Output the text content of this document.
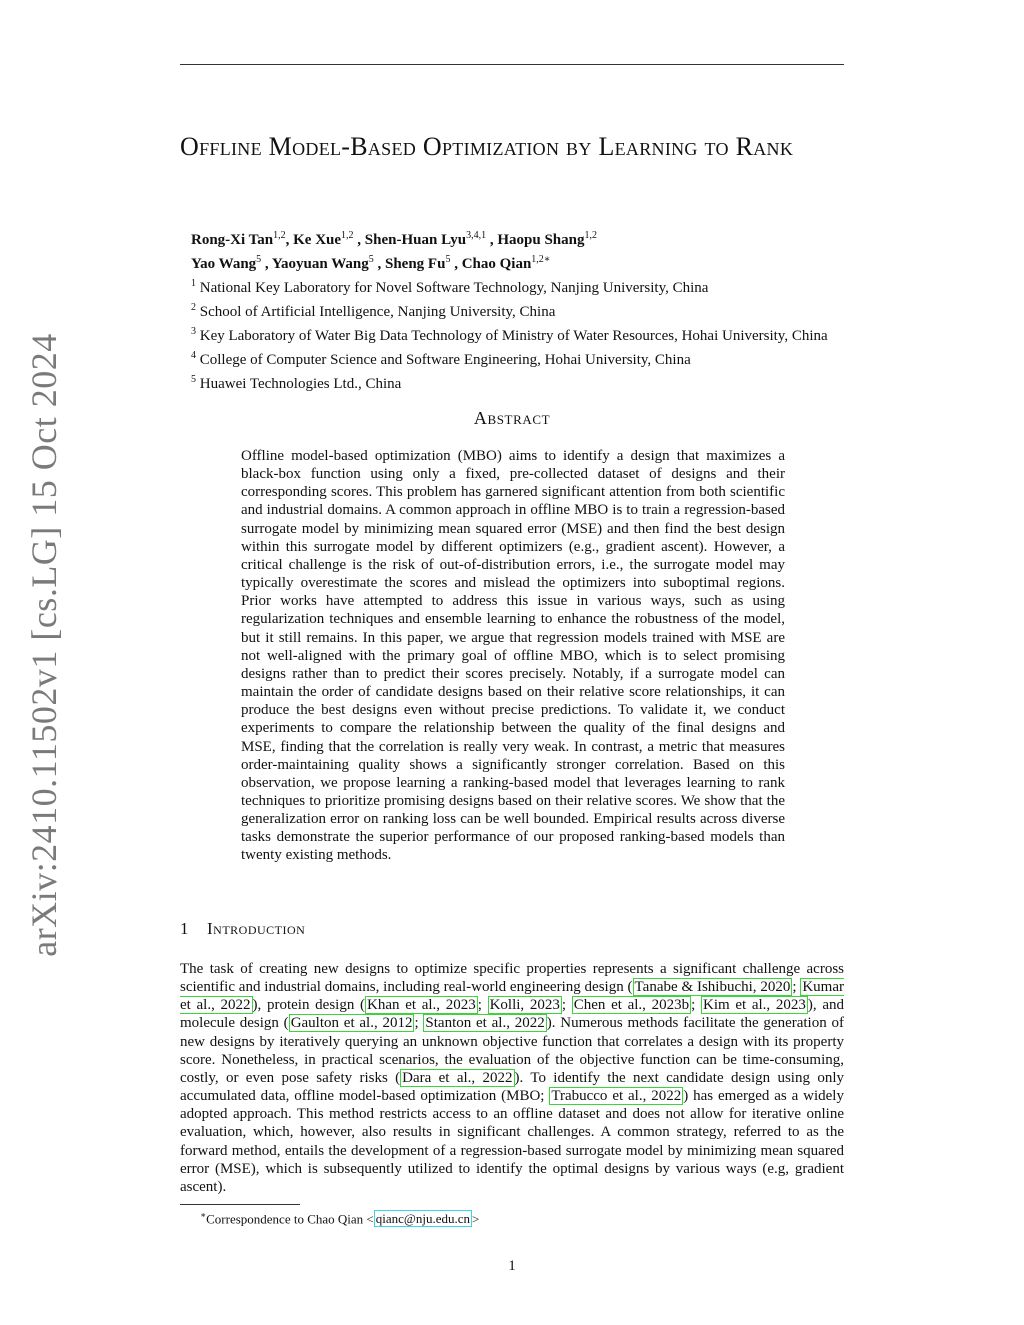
arXiv:2410.11502v1 [cs.LG] 15 Oct 2024
Offline Model-Based Optimization by Learning to Rank
Rong-Xi Tan$^{1,2}$, Ke Xue$^{1,2}$ , Shen-Huan Lyu$^{3,4,1}$ , Haopu Shang$^{1,2}$
Yao Wang$^5$ , Yaoyuan Wang$^5$ , Sheng Fu$^5$ , Chao Qian$^{1,2∗}$
$^1$ National Key Laboratory for Novel Software Technology, Nanjing University, China
$^2$ School of Artificial Intelligence, Nanjing University, China
$^3$ Key Laboratory of Water Big Data Technology of Ministry of Water Resources, Hohai University, China
$^4$ College of Computer Science and Software Engineering, Hohai University, China
$^5$ Huawei Technologies Ltd., China
Abstract

Offline model-based optimization (MBO) aims to identify a design that maximizes a black-box function using only a fixed, pre-collected dataset of designs and their corresponding scores. This problem has garnered significant attention from both scientific and industrial domains. A common approach in offline MBO is to train a regression-based surrogate model by minimizing mean squared error (MSE) and then find the best design within this surrogate model by different optimizers (e.g., gradient ascent). However, a critical challenge is the risk of out-of-distribution errors, i.e., the surrogate model may typically overestimate the scores and mislead the optimizers into suboptimal regions. Prior works have attempted to address this issue in various ways, such as using regularization techniques and ensemble learning to enhance the robustness of the model, but it still remains. In this paper, we argue that regression models trained with MSE are not well-aligned with the primary goal of offline MBO, which is to select promising designs rather than to predict their scores precisely. Notably, if a surrogate model can maintain the order of candidate designs based on their relative score relationships, it can produce the best designs even without precise predictions. To validate it, we conduct experiments to compare the relationship between the quality of the final designs and MSE, finding that the correlation is really very weak. In contrast, a metric that measures order-maintaining quality shows a significantly stronger correlation. Based on this observation, we propose learning a ranking-based model that leverages learning to rank techniques to prioritize promising designs based on their relative scores. We show that the generalization error on ranking loss can be well bounded. Empirical results across diverse tasks demonstrate the superior performance of our proposed ranking-based models than twenty existing methods.

1 Introduction

The task of creating new designs to optimize specific properties represents a significant challenge across scientific and industrial domains, including real-world engineering design ( Tanabe & Ishibuchi, 2020 ; Kumar et al., 2022 ), protein design ( Khan et al., 2023 ; Kolli, 2023 ; Chen et al., 2023b ; Kim et al., 2023 ), and molecule design ( Gaulton et al., 2012 ; Stanton et al., 2022 ). Numerous methods facilitate the generation of new designs by iteratively querying an unknown objective function that correlates a design with its property score. Nonetheless, in practical scenarios, the evaluation of the objective function can be time-consuming, costly, or even pose safety risks ( Dara et al., 2022 ). To identify the next candidate design using only accumulated data, offline model-based optimization (MBO; Trabucco et al., 2022 ) has emerged as a widely adopted approach. This method restricts access to an offline dataset and does not allow for iterative online evaluation, which, however, also results in significant challenges. A common strategy, referred to as the forward method, entails the development of a regression-based surrogate model by minimizing mean squared error (MSE), which is subsequently utilized to identify the optimal designs by various ways (e.g, gradient ascent).

∗Correspondence to Chao Qian < qianc@nju.edu.cn >
1
